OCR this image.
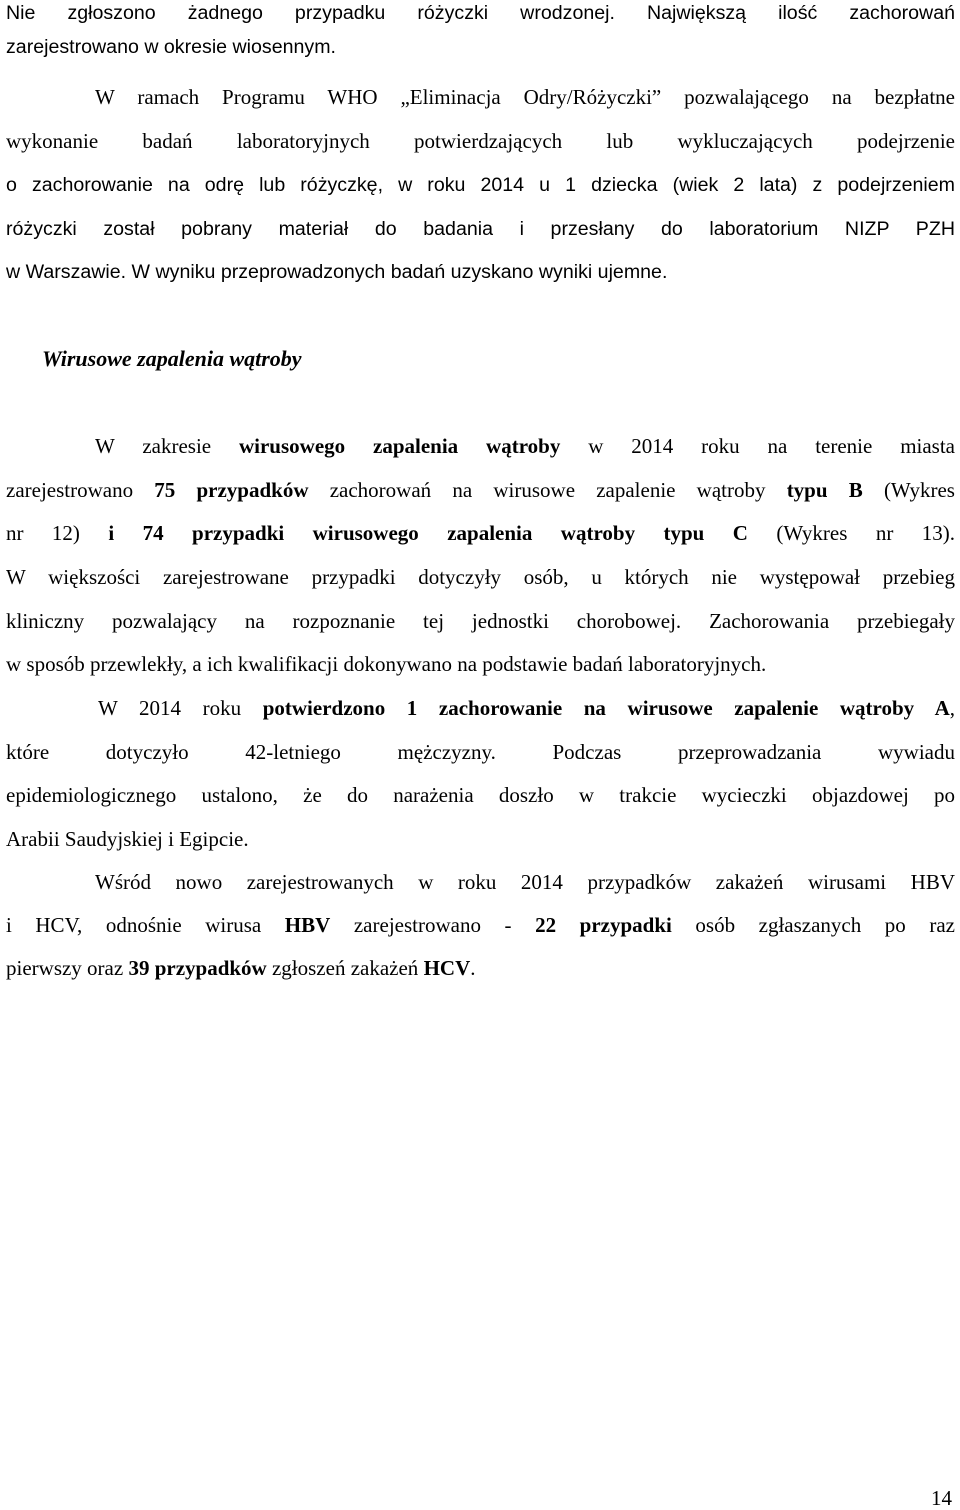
Nie zgłoszono żadnego przypadku różyczki wrodzonej. Największą ilość zachorowań
zarejestrowano w okresie wiosennym.
W ramach Programu WHO „Eliminacja Odry/Różyczki” pozwalającego na bezpłatne
wykonanie badań laboratoryjnych potwierdzających lub wykluczających podejrzenie
o zachorowanie na odrę lub różyczkę, w roku 2014 u 1 dziecka (wiek 2 lata) z podejrzeniem
różyczki został pobrany materiał do badania i przesłany do laboratorium NIZP PZH
w Warszawie. W wyniku przeprowadzonych badań uzyskano wyniki ujemne.
Wirusowe zapalenia wątroby
W zakresie wirusowego zapalenia wątroby w 2014 roku na terenie miasta
zarejestrowano 75 przypadków zachorowań na wirusowe zapalenie wątroby typu B (Wykres
nr 12) i 74 przypadki wirusowego zapalenia wątroby typu C (Wykres nr 13).
W większości zarejestrowane przypadki dotyczyły osób, u których nie występował przebieg
kliniczny pozwalający na rozpoznanie tej jednostki chorobowej. Zachorowania przebiegały
w sposób przewlekły, a ich kwalifikacji dokonywano na podstawie badań laboratoryjnych.
W 2014 roku potwierdzono 1 zachorowanie na wirusowe zapalenie wątroby A,
które dotyczyło 42-letniego mężczyzny. Podczas przeprowadzania wywiadu
epidemiologicznego ustalono, że do narażenia doszło w trakcie wycieczki objazdowej po
Arabii Saudyjskiej i Egipcie.
Wśród nowo zarejestrowanych w roku 2014 przypadków zakażeń wirusami HBV
i HCV, odnośnie wirusa HBV zarejestrowano - 22 przypadki osób zgłaszanych po raz
pierwszy oraz 39 przypadków zgłoszeń zakażeń HCV.
14
